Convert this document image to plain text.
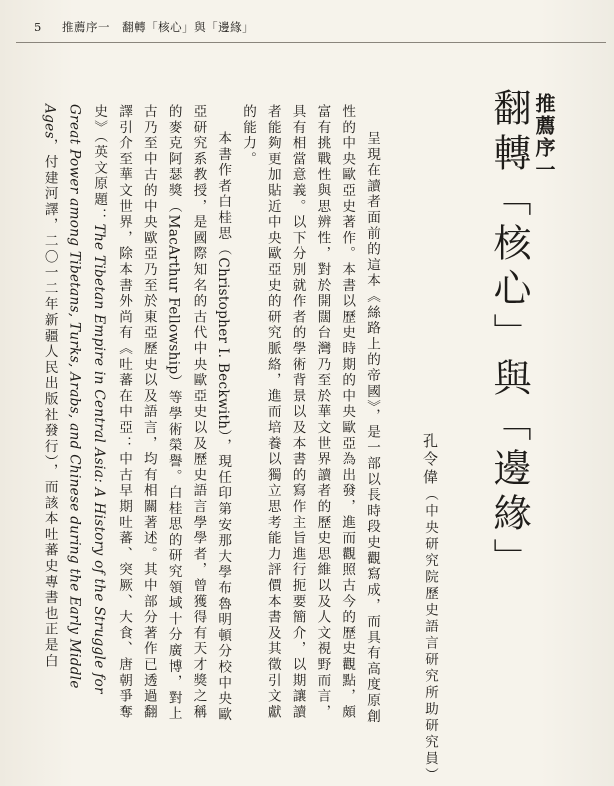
5 推薦序一 翻轉「核心」與「邊緣」
推薦序一
翻轉「核心」與「邊緣」
孔令偉（中央研究院歷史語言研究所助研究員）

呈現在讀者面前的這本《絲路上的帝國》，是一部以長時段史觀寫成，而具有高度原創性的中央歐亞史著作。本書以歷史時期的中央歐亞為出發，進而觀照古今的歷史觀點，頗富有挑戰性與思辨性，對於開闊台灣乃至於華文世界讀者的歷史思維以及人文視野而言，具有相當意義。以下分別就作者的學術背景以及本書的寫作主旨進行扼要簡介，以期讓讀者能夠更加貼近中央歐亞史的研究脈絡，進而培養以獨立思考能力評價本書及其徵引文獻的能力。

本書作者白桂思（Christopher I. Beckwith），現任印第安那大學布魯明頓分校中央歐亞研究系教授，是國際知名的古代中央歐亞史以及歷史語言學學者，曾獲得有天才獎之稱的麥克阿瑟獎（MacArthur Fellowship）等學術榮譽。白桂思的研究領域十分廣博，對上古乃至中古的中央歐亞乃至於東亞歷史以及語言，均有相關著述。其中部分著作已透過翻譯引介至華文世界，除本書外尚有《吐蕃在中亞：中古早期吐蕃、突厥、大食、唐朝爭奪史》（英文原題：The Tibetan Empire in Central Asia: A History of the Struggle for Great Power among Tibetans, Turks, Arabs, and Chinese during the Early Middle Ages，付建河譯，二〇一二年新疆人民出版社發行），而該本吐蕃史專書也正是白
